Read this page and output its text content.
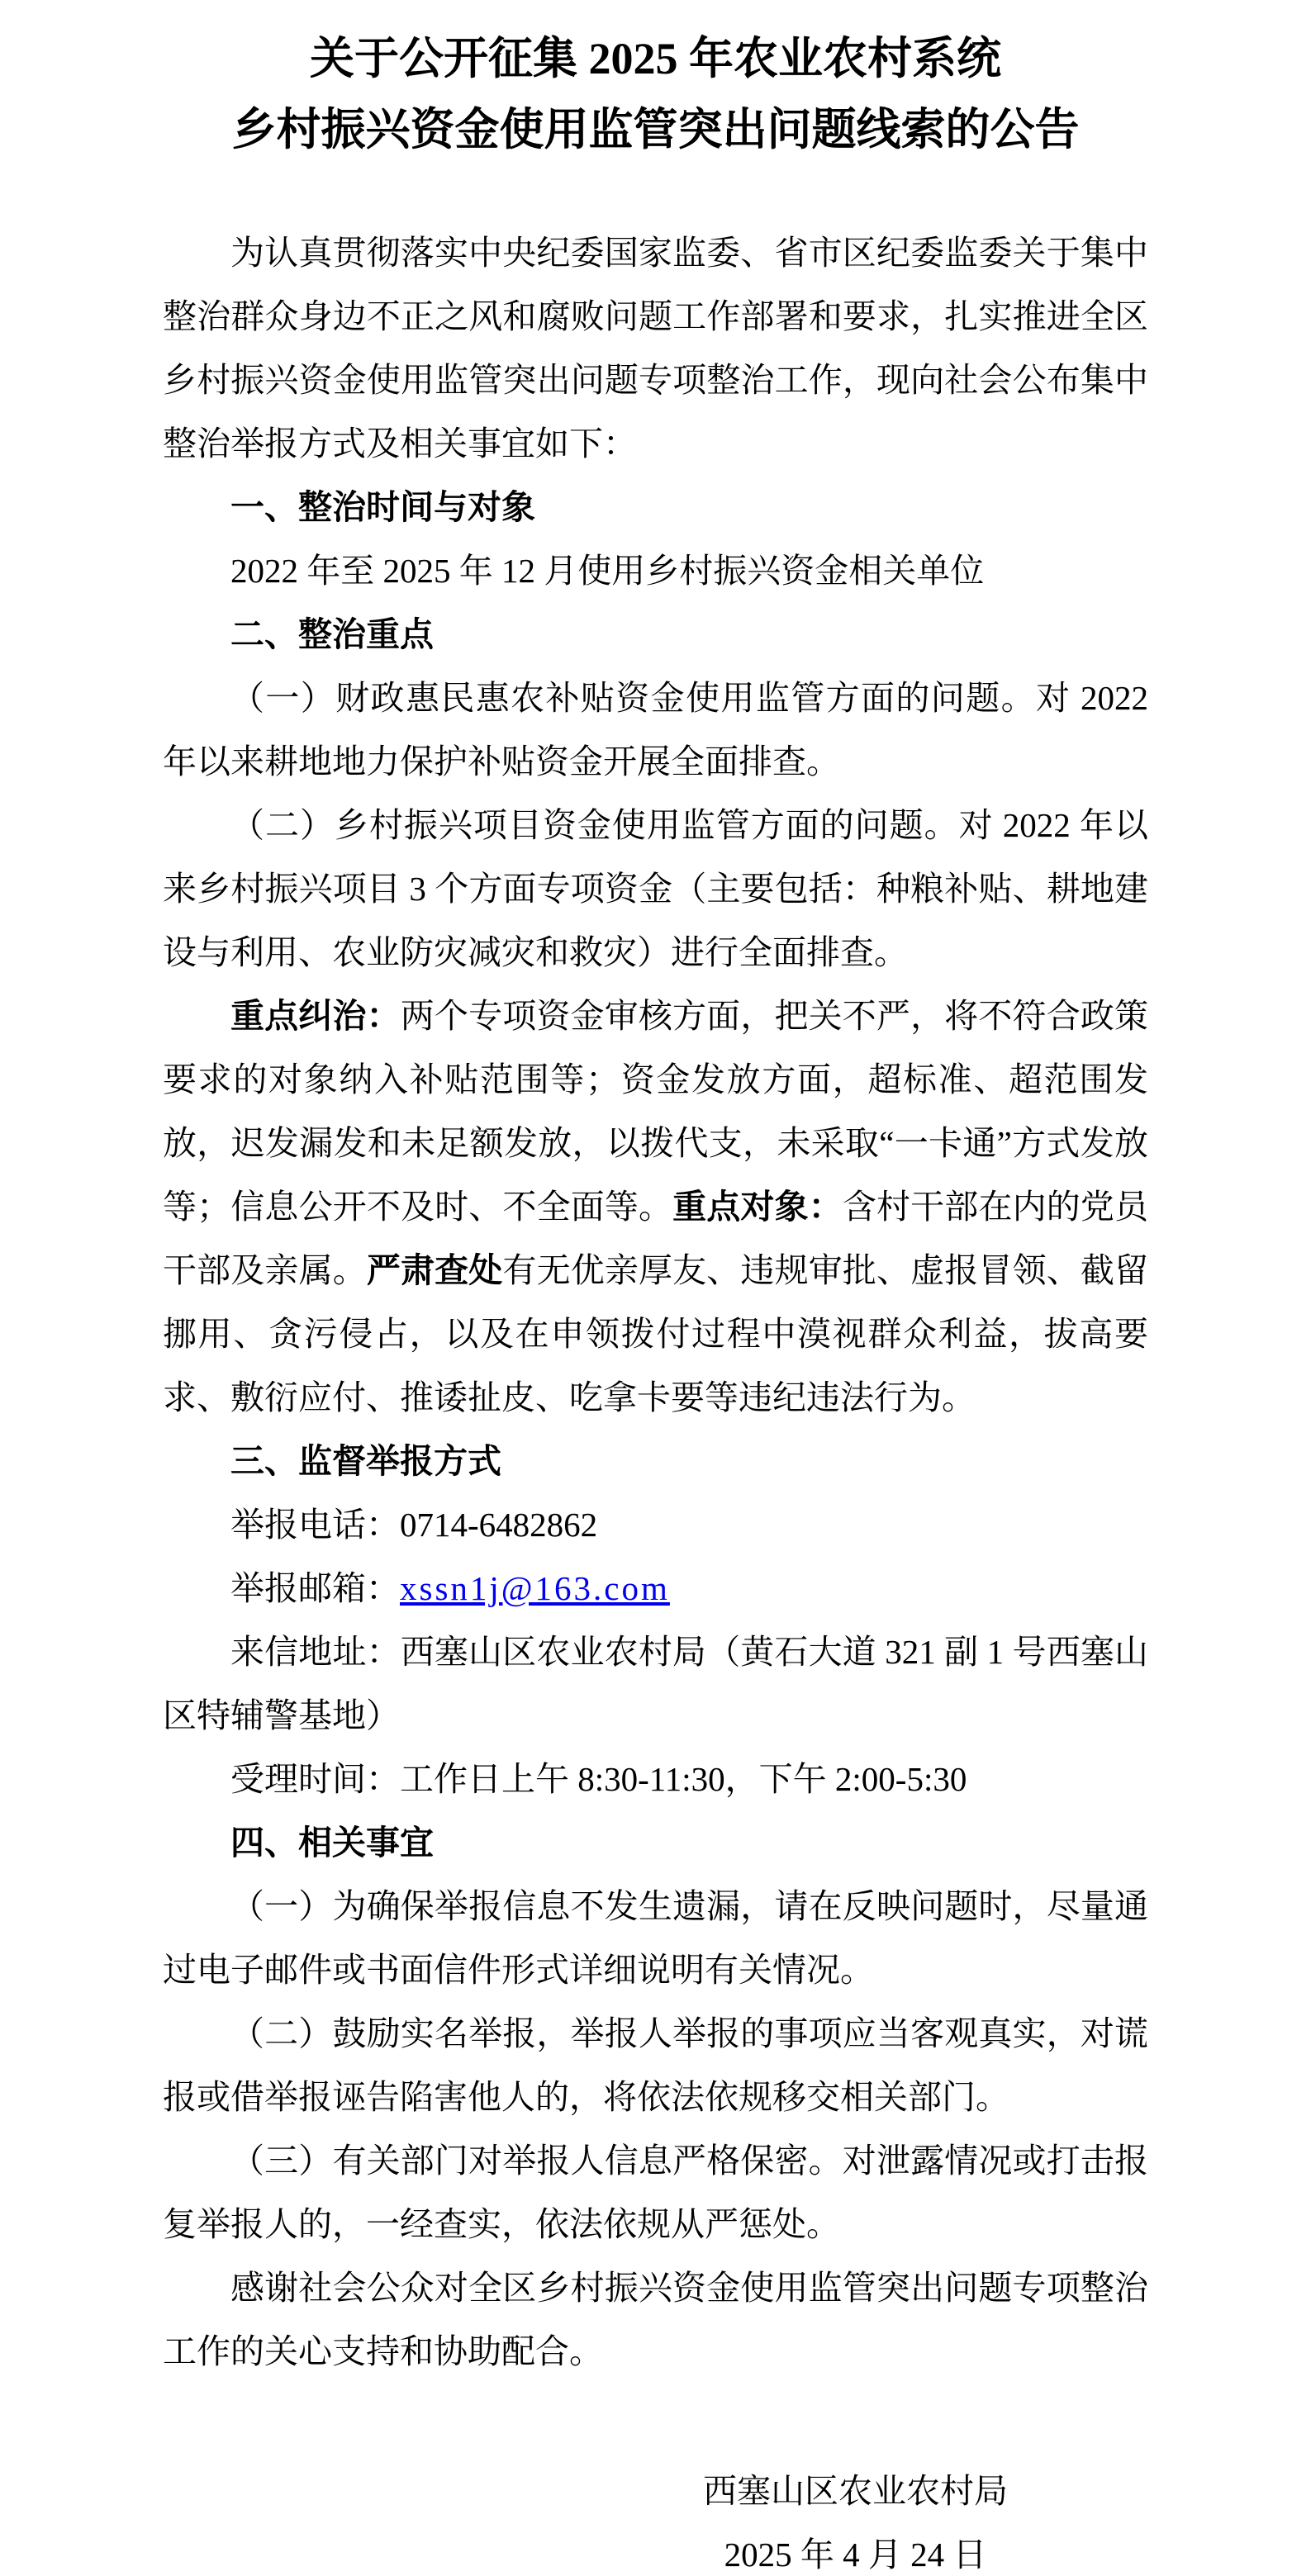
关于公开征集 2025 年农业农村系统
乡村振兴资金使用监管突出问题线索的公告

为认真贯彻落实中央纪委国家监委、省市区纪委监委关于集中整治群众身边不正之风和腐败问题工作部署和要求，扎实推进全区乡村振兴资金使用监管突出问题专项整治工作，现向社会公布集中整治举报方式及相关事宜如下：

一、整治时间与对象

2022 年至 2025 年 12 月使用乡村振兴资金相关单位

二、整治重点

（一）财政惠民惠农补贴资金使用监管方面的问题。对 2022 年以来耕地地力保护补贴资金开展全面排查。

（二）乡村振兴项目资金使用监管方面的问题。对 2022 年以来乡村振兴项目 3 个方面专项资金（主要包括：种粮补贴、耕地建设与利用、农业防灾减灾和救灾）进行全面排查。

重点纠治：两个专项资金审核方面，把关不严，将不符合政策要求的对象纳入补贴范围等；资金发放方面，超标准、超范围发放，迟发漏发和未足额发放，以拨代支，未采取“一卡通”方式发放等；信息公开不及时、不全面等。重点对象：含村干部在内的党员干部及亲属。严肃查处有无优亲厚友、违规审批、虚报冒领、截留挪用、贪污侵占，以及在申领拨付过程中漠视群众利益，拔高要求、敷衍应付、推诿扯皮、吃拿卡要等违纪违法行为。

三、监督举报方式

举报电话：0714-6482862

举报邮箱：xssn1j@163.com

来信地址：西塞山区农业农村局（黄石大道 321 副 1 号西塞山区特辅警基地）

受理时间：工作日上午 8:30-11:30，下午 2:00-5:30

四、相关事宜

（一）为确保举报信息不发生遗漏，请在反映问题时，尽量通过电子邮件或书面信件形式详细说明有关情况。

（二）鼓励实名举报，举报人举报的事项应当客观真实，对谎报或借举报诬告陷害他人的，将依法依规移交相关部门。

（三）有关部门对举报人信息严格保密。对泄露情况或打击报复举报人的，一经查实，依法依规从严惩处。

感谢社会公众对全区乡村振兴资金使用监管突出问题专项整治工作的关心支持和协助配合。

西塞山区农业农村局
2025 年 4 月 24 日
